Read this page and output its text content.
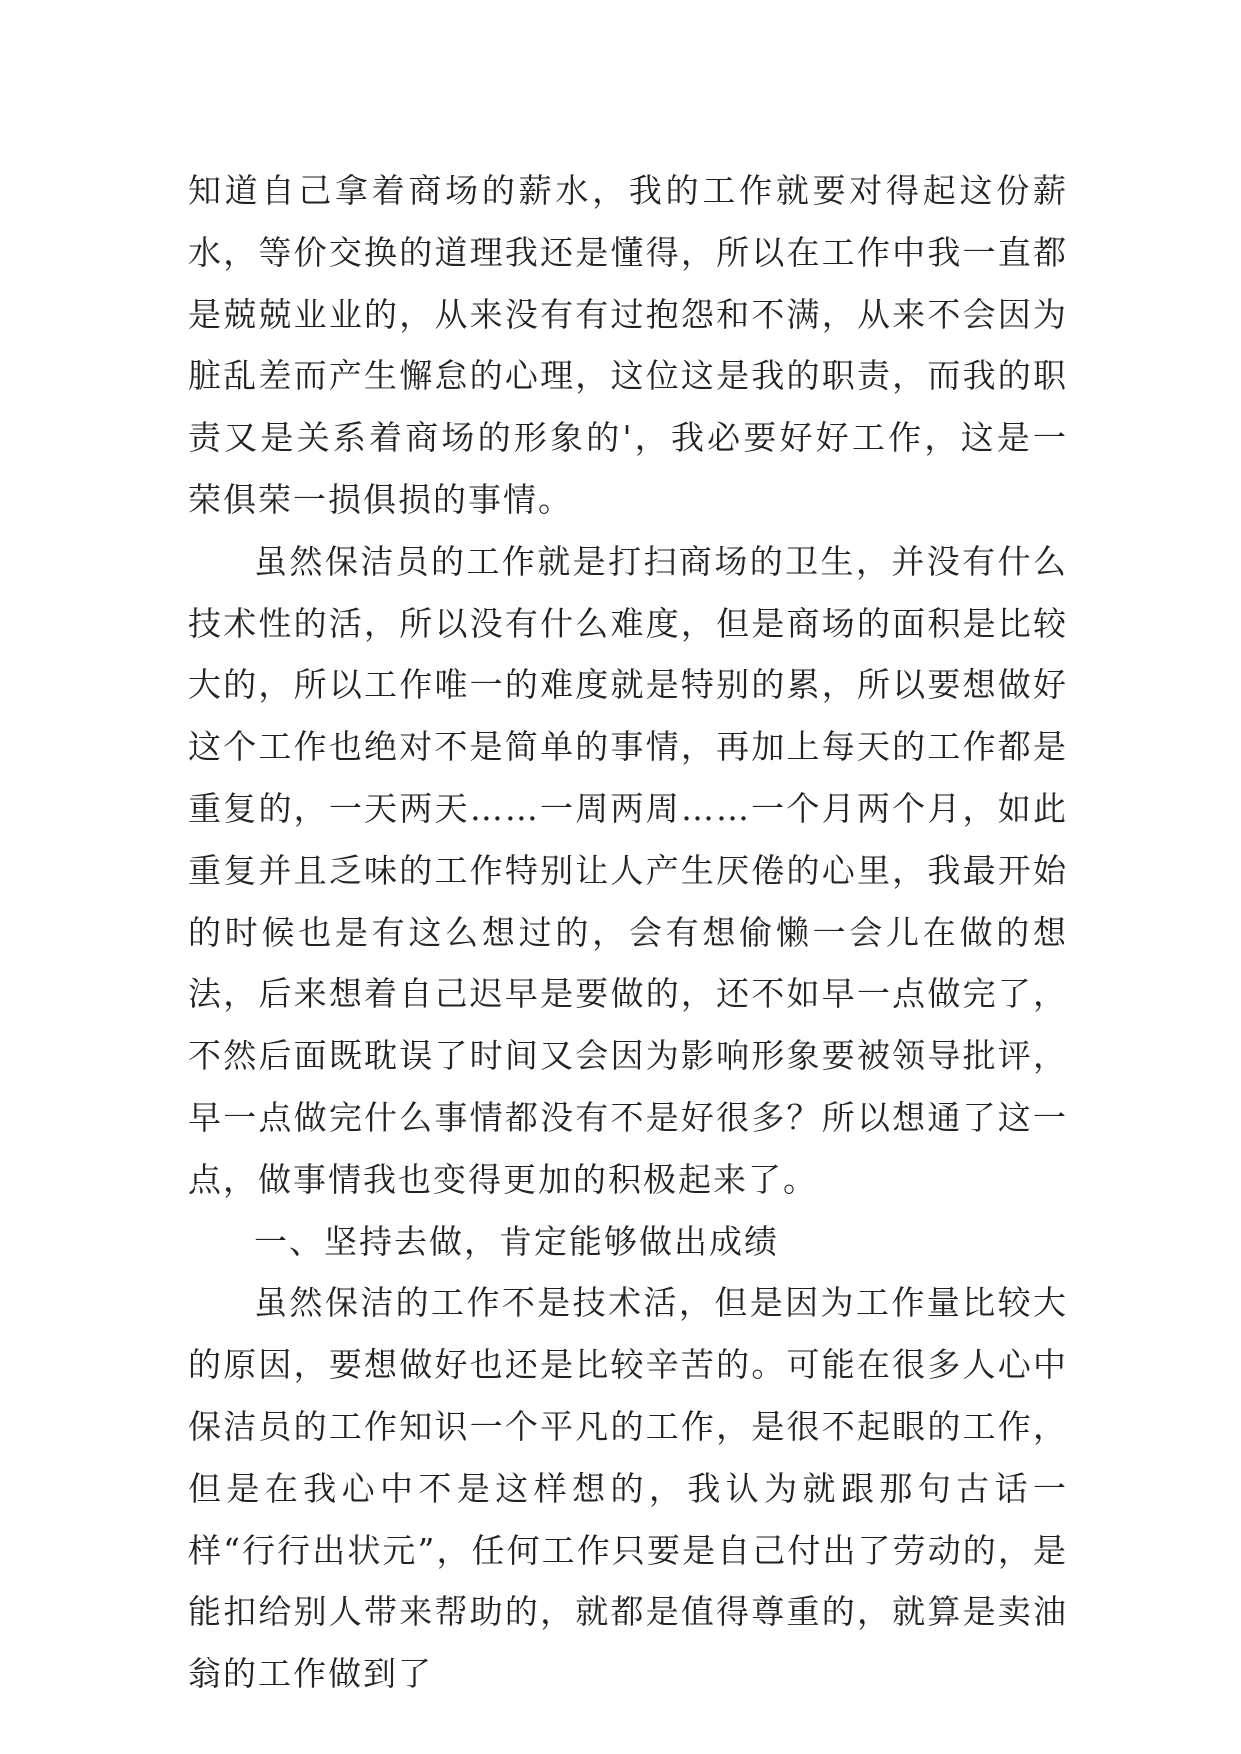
知道自己拿着商场的薪水，我的工作就要对得起这份薪水，等价交换的道理我还是懂得，所以在工作中我一直都是兢兢业业的，从来没有有过抱怨和不满，从来不会因为脏乱差而产生懈怠的心理，这位这是我的职责，而我的职责又是关系着商场的形象的'，我必要好好工作，这是一荣俱荣一损俱损的事情。

虽然保洁员的工作就是打扫商场的卫生，并没有什么技术性的活，所以没有什么难度，但是商场的面积是比较大的，所以工作唯一的难度就是特别的累，所以要想做好这个工作也绝对不是简单的事情，再加上每天的工作都是重复的，一天两天……一周两周……一个月两个月，如此重复并且乏味的工作特别让人产生厌倦的心里，我最开始的时候也是有这么想过的，会有想偷懒一会儿在做的想法，后来想着自己迟早是要做的，还不如早一点做完了，不然后面既耽误了时间又会因为影响形象要被领导批评，早一点做完什么事情都没有不是好很多？所以想通了这一点，做事情我也变得更加的积极起来了。

一、坚持去做，肯定能够做出成绩

虽然保洁的工作不是技术活，但是因为工作量比较大的原因，要想做好也还是比较辛苦的。可能在很多人心中保洁员的工作知识一个平凡的工作，是很不起眼的工作，但是在我心中不是这样想的，我认为就跟那句古话一样“行行出状元”，任何工作只要是自己付出了劳动的，是能扣给别人带来帮助的，就都是值得尊重的，就算是卖油翁的工作做到了
